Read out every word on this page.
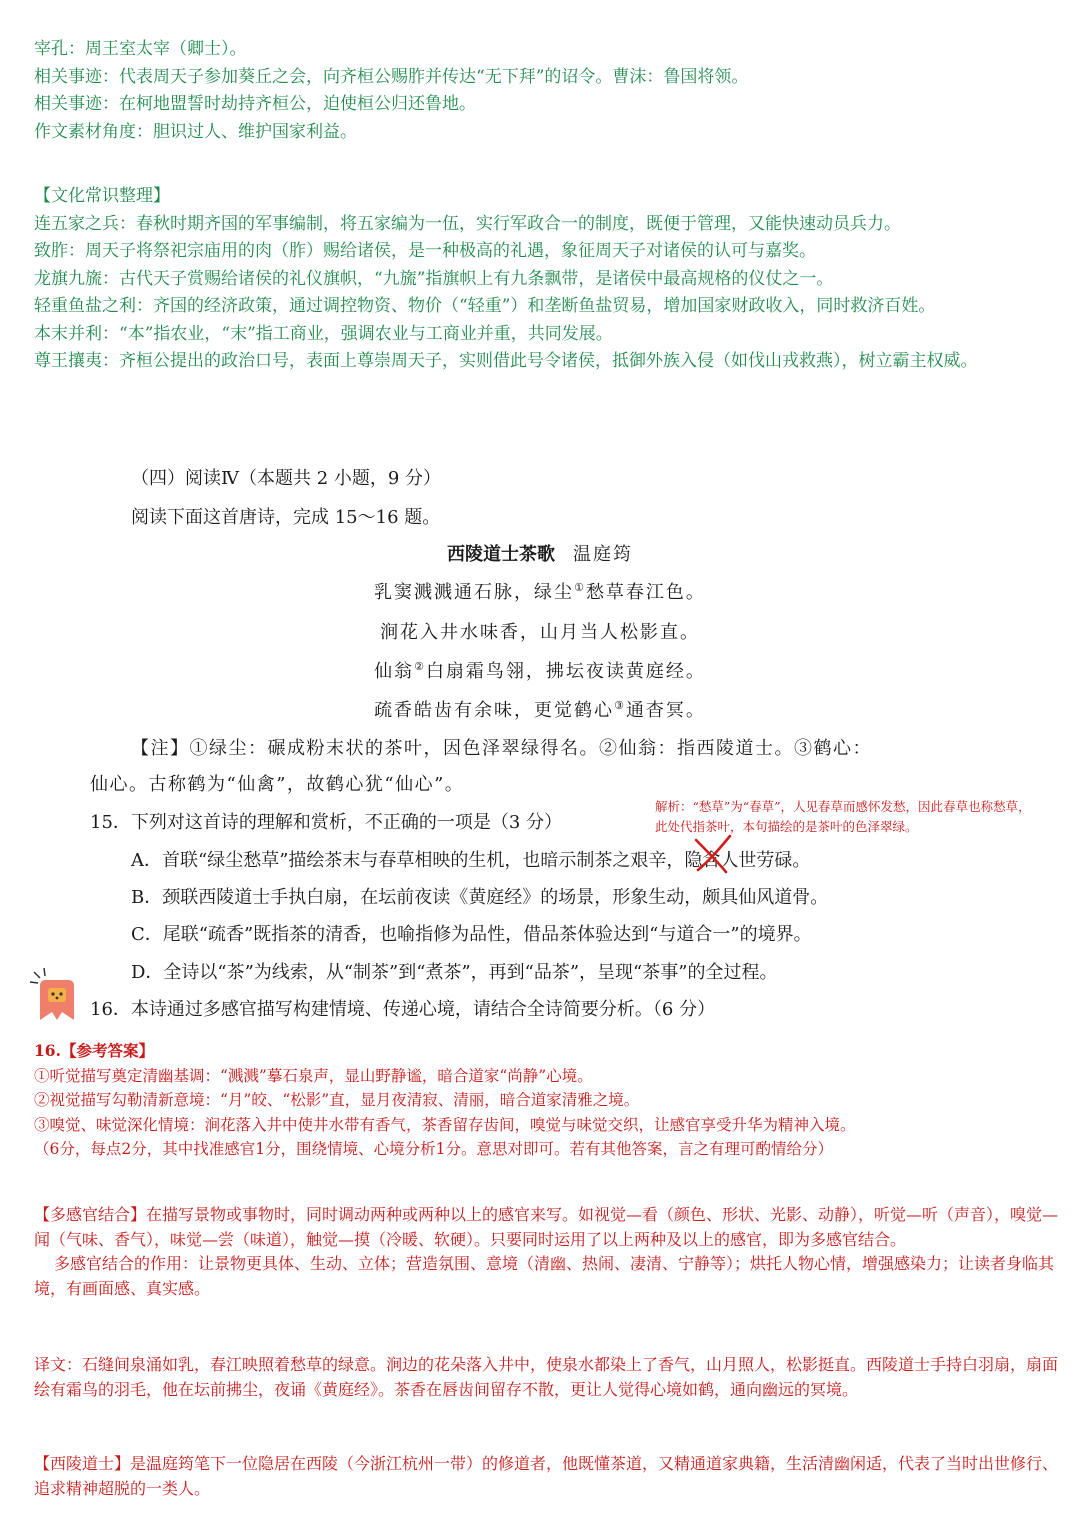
宰孔：周王室太宰（卿士）。
相关事迹：代表周天子参加葵丘之会，向齐桓公赐胙并传达“无下拜”的诏令。曹沫：鲁国将领。
相关事迹：在柯地盟誓时劫持齐桓公，迫使桓公归还鲁地。
作文素材角度：胆识过人、维护国家利益。
【文化常识整理】
连五家之兵：春秋时期齐国的军事编制，将五家编为一伍，实行军政合一的制度，既便于管理，又能快速动员兵力。
致胙：周天子将祭祀宗庙用的肉（胙）赐给诸侯，是一种极高的礼遇，象征周天子对诸侯的认可与嘉奖。
龙旗九旒：古代天子赏赐给诸侯的礼仪旗帜，“九旒”指旗帜上有九条飘带，是诸侯中最高规格的仪仗之一。
轻重鱼盐之利：齐国的经济政策，通过调控物资、物价（“轻重”）和垄断鱼盐贸易，增加国家财政收入，同时救济百姓。
本末并利：“本”指农业，“末”指工商业，强调农业与工商业并重，共同发展。
尊王攘夷：齐桓公提出的政治口号，表面上尊崇周天子，实则借此号令诸侯，抵御外族入侵（如伐山戎救燕），树立霸主权威。
（四）阅读Ⅳ（本题共 2 小题，9 分）
阅读下面这首唐诗，完成 15～16 题。
西陵道士茶歌 温庭筠
乳窦溅溅通石脉，绿尘①愁草春江色。
涧花入井水味香，山月当人松影直。
仙翁②白扇霜鸟翎，拂坛夜读黄庭经。
疏香皓齿有余味，更觉鹤心③通杳冥。
【注】①绿尘：碾成粉末状的茶叶，因色泽翠绿得名。②仙翁：指西陵道士。③鹤心：
仙心。古称鹤为“仙禽”，故鹤心犹“仙心”。
15．下列对这首诗的理解和赏析，不正确的一项是（3 分）
解析：“愁草”为“春草”，人见春草而感怀发愁，因此春草也称愁草，此处代指茶叶，本句描绘的是茶叶的色泽翠绿。
A．首联“绿尘愁草”描绘茶末与春草相映的生机，也暗示制茶之艰辛，隐含人世劳碌。
B．颈联西陵道士手执白扇，在坛前夜读《黄庭经》的场景，形象生动，颇具仙风道骨。
C．尾联“疏香”既指茶的清香，也喻指修为品性，借品茶体验达到“与道合一”的境界。
D．全诗以“茶”为线索，从“制茶”到“煮茶”，再到“品茶”，呈现“茶事”的全过程。
16．本诗通过多感官描写构建情境、传递心境，请结合全诗简要分析。（6 分）
16.【参考答案】
①听觉描写奠定清幽基调：“溅溅”摹石泉声，显山野静谧，暗合道家“尚静”心境。
②视觉描写勾勒清新意境：“月”皎、“松影”直，显月夜清寂、清丽，暗合道家清雅之境。
③嗅觉、味觉深化情境：涧花落入井中使井水带有香气，茶香留存齿间，嗅觉与味觉交织，让感官享受升华为精神入境。
（6分，每点2分，其中找准感官1分，围绕情境、心境分析1分。意思对即可。若有其他答案，言之有理可酌情给分）
【多感官结合】在描写景物或事物时，同时调动两种或两种以上的感官来写。如视觉—看（颜色、形状、光影、动静），听觉—听（声音），嗅觉—闻（气味、香气），味觉—尝（味道），触觉—摸（冷暖、软硬）。只要同时运用了以上两种及以上的感官，即为多感官结合。
多感官结合的作用：让景物更具体、生动、立体；营造氛围、意境（清幽、热闹、凄清、宁静等）；烘托人物心情，增强感染力；让读者身临其境，有画面感、真实感。
译文：石缝间泉涌如乳，春江映照着愁草的绿意。涧边的花朵落入井中，使泉水都染上了香气，山月照人，松影挺直。西陵道士手持白羽扇，扇面绘有霜鸟的羽毛，他在坛前拂尘，夜诵《黄庭经》。茶香在唇齿间留存不散，更让人觉得心境如鹤，通向幽远的冥境。
【西陵道士】是温庭筠笔下一位隐居在西陵（今浙江杭州一带）的修道者，他既懂茶道，又精通道家典籍，生活清幽闲适，代表了当时出世修行、追求精神超脱的一类人。
